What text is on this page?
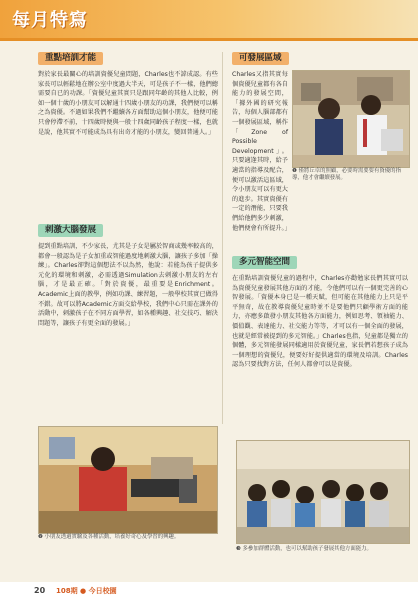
每月特寫
重點培訓才能
對於家長最關心的培訓資優兒童問題，Charles也不諱成認。有些家長可以輕鬆地在辦公室中度過大半天，可是孩子不一樣，他們總需要自已的功課。「資優兒童其實只是跟同年齡的其他人比較，例如一個十歲的小朋友可以解通十四歲小朋友的功課，我們便可以稱之為資優。不過如果我們不繼續各方面幫助這個小朋友，他便可能只會停滯不前，十四歲時便與一般十四歲同齡孩子程度一樣，也就是說，他其實不可能成為具有出奇才能的小朋友，變回普通人。」
刺激大腦發展
提到重點培訓，不少家長，尤其是子女是屬於智商或幾率較高的，都會一般認為是子女加重或智能過度地刺激大腦，讓孩子多加「操練」。Charles卻對這個想法不以為然，他說：若能為孩子提供多元化的環境和刺激，必需透過Simulation去刺激小朋友的左右腦，才是最正確。「對於資優，最重要是Enrichment。Academic上面的教學，例如功課、練習題，一般學校其實已做得不錯。故可以將Academic方面交給學校，我們中心只需在課外的活動中，刺激孩子在不同方面學習，如各種興趣、社交技巧、解決問題等，讓孩子有更全面的發展。」
可發展區域
Charles又指其實每個資優兒童都有各自能力的發展空間，「據外國的研究報告，每個人腦部都有一個發展區域，稱作「Zone of Possible Development」。只要適逢其時，給予適當的指導及配合，便可以激活這區域，令小朋友可以有更大的進步。其實資優有一定的潛能，只要我們給他們多少刺激，他們便會有所提升。」
❶ 僅將丘卓的照顧，必要時需要要有資優的指導，他才會繼續發展。
多元智能空間
在重點培訓資優兒童的過程中，Charles亦勸勉家長們其實可以為資優兒童發展其他方面的才能，令他們可以有一個更完善的心智發展。「資優本身已是一種天賦，但可能在其他能力上只是平平無奇，故在教導資優兒童時並不是要他們只顧學術方面的能力，亦應多啟發小朋友其他各方面能力，例如思考、領袖能力、價值觀、表達能力、社交能力等等，才可以有一個全面的發展，也就是經常被提到的多元智能。」Charles也指，兒童都是獨立的個體，多元智能發展同樣適用於資優兒童，家長們若想孩子成為一個理想的資優兒，便要好好提供適當的環境及培訓。Charles認為只要找對方法，任何人都會可以是資優。
❷ 小朋友透過實驗及各種活動，培養好奇心及學習的興趣。
❸ 多參加群體活動，也可以幫助孩子發展其他方面能力。
20 108期 ● 今日校園
